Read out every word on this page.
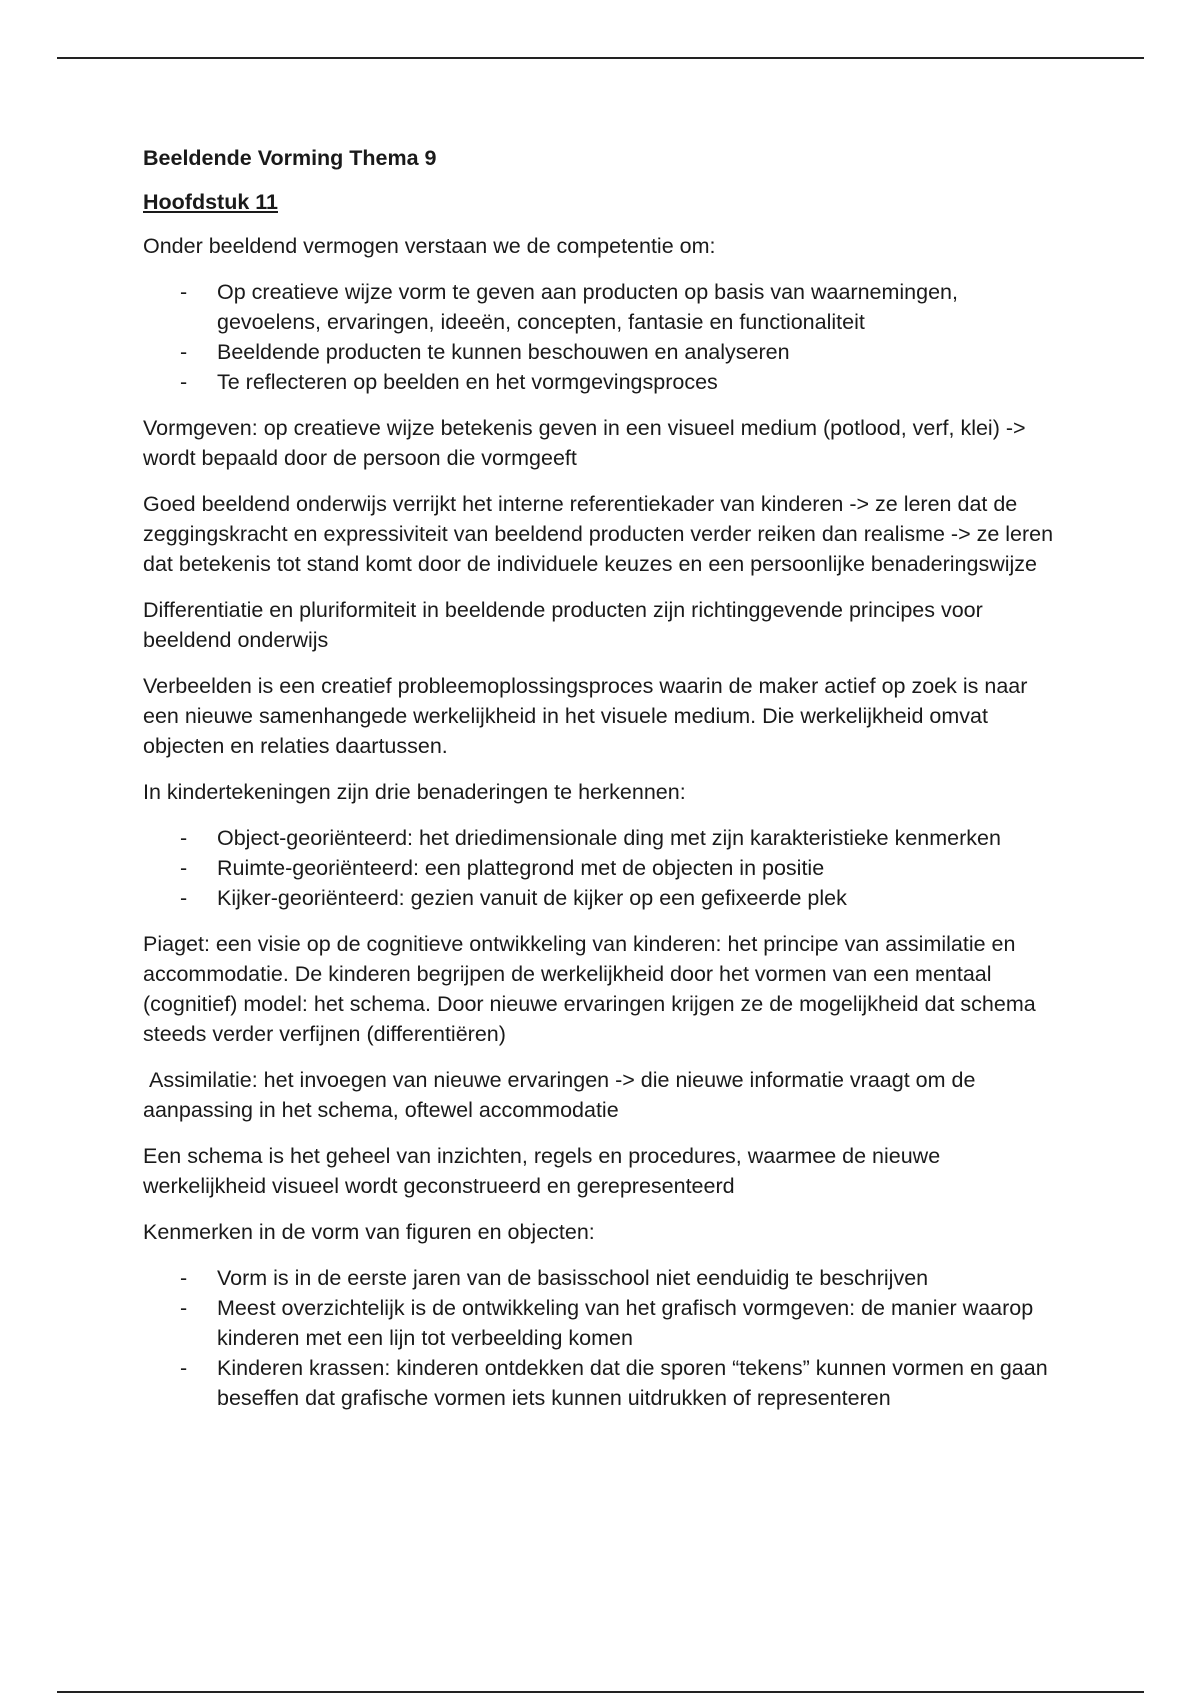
Beeldende Vorming Thema 9
Hoofdstuk 11

Onder beeldend vermogen verstaan we de competentie om:

- Op creatieve wijze vorm te geven aan producten op basis van waarnemingen, gevoelens, ervaringen, ideeën, concepten, fantasie en functionaliteit
- Beeldende producten te kunnen beschouwen en analyseren
- Te reflecteren op beelden en het vormgevingsproces

Vormgeven: op creatieve wijze betekenis geven in een visueel medium (potlood, verf, klei) -> wordt bepaald door de persoon die vormgeeft

Goed beeldend onderwijs verrijkt het interne referentiekader van kinderen -> ze leren dat de zeggingskracht en expressiviteit van beeldend producten verder reiken dan realisme -> ze leren dat betekenis tot stand komt door de individuele keuzes en een persoonlijke benaderingswijze

Differentiatie en pluriformiteit in beeldende producten zijn richtinggevende principes voor beeldend onderwijs

Verbeelden is een creatief probleemoplossingsproces waarin de maker actief op zoek is naar een nieuwe samenhangede werkelijkheid in het visuele medium. Die werkelijkheid omvat objecten en relaties daartussen.

In kindertekeningen zijn drie benaderingen te herkennen:

- Object-georiënteerd: het driedimensionale ding met zijn karakteristieke kenmerken
- Ruimte-georiënteerd: een plattegrond met de objecten in positie
- Kijker-georiënteerd: gezien vanuit de kijker op een gefixeerde plek

Piaget: een visie op de cognitieve ontwikkeling van kinderen: het principe van assimilatie en accommodatie. De kinderen begrijpen de werkelijkheid door het vormen van een mentaal (cognitief) model: het schema. Door nieuwe ervaringen krijgen ze de mogelijkheid dat schema steeds verder verfijnen (differentiëren)

Assimilatie: het invoegen van nieuwe ervaringen -> die nieuwe informatie vraagt om de aanpassing in het schema, oftewel accommodatie

Een schema is het geheel van inzichten, regels en procedures, waarmee de nieuwe werkelijkheid visueel wordt geconstrueerd en gerepresenteerd

Kenmerken in de vorm van figuren en objecten:

- Vorm is in de eerste jaren van de basisschool niet eenduidig te beschrijven
- Meest overzichtelijk is de ontwikkeling van het grafisch vormgeven: de manier waarop kinderen met een lijn tot verbeelding komen
- Kinderen krassen: kinderen ontdekken dat die sporen “tekens” kunnen vormen en gaan beseffen dat grafische vormen iets kunnen uitdrukken of representeren
